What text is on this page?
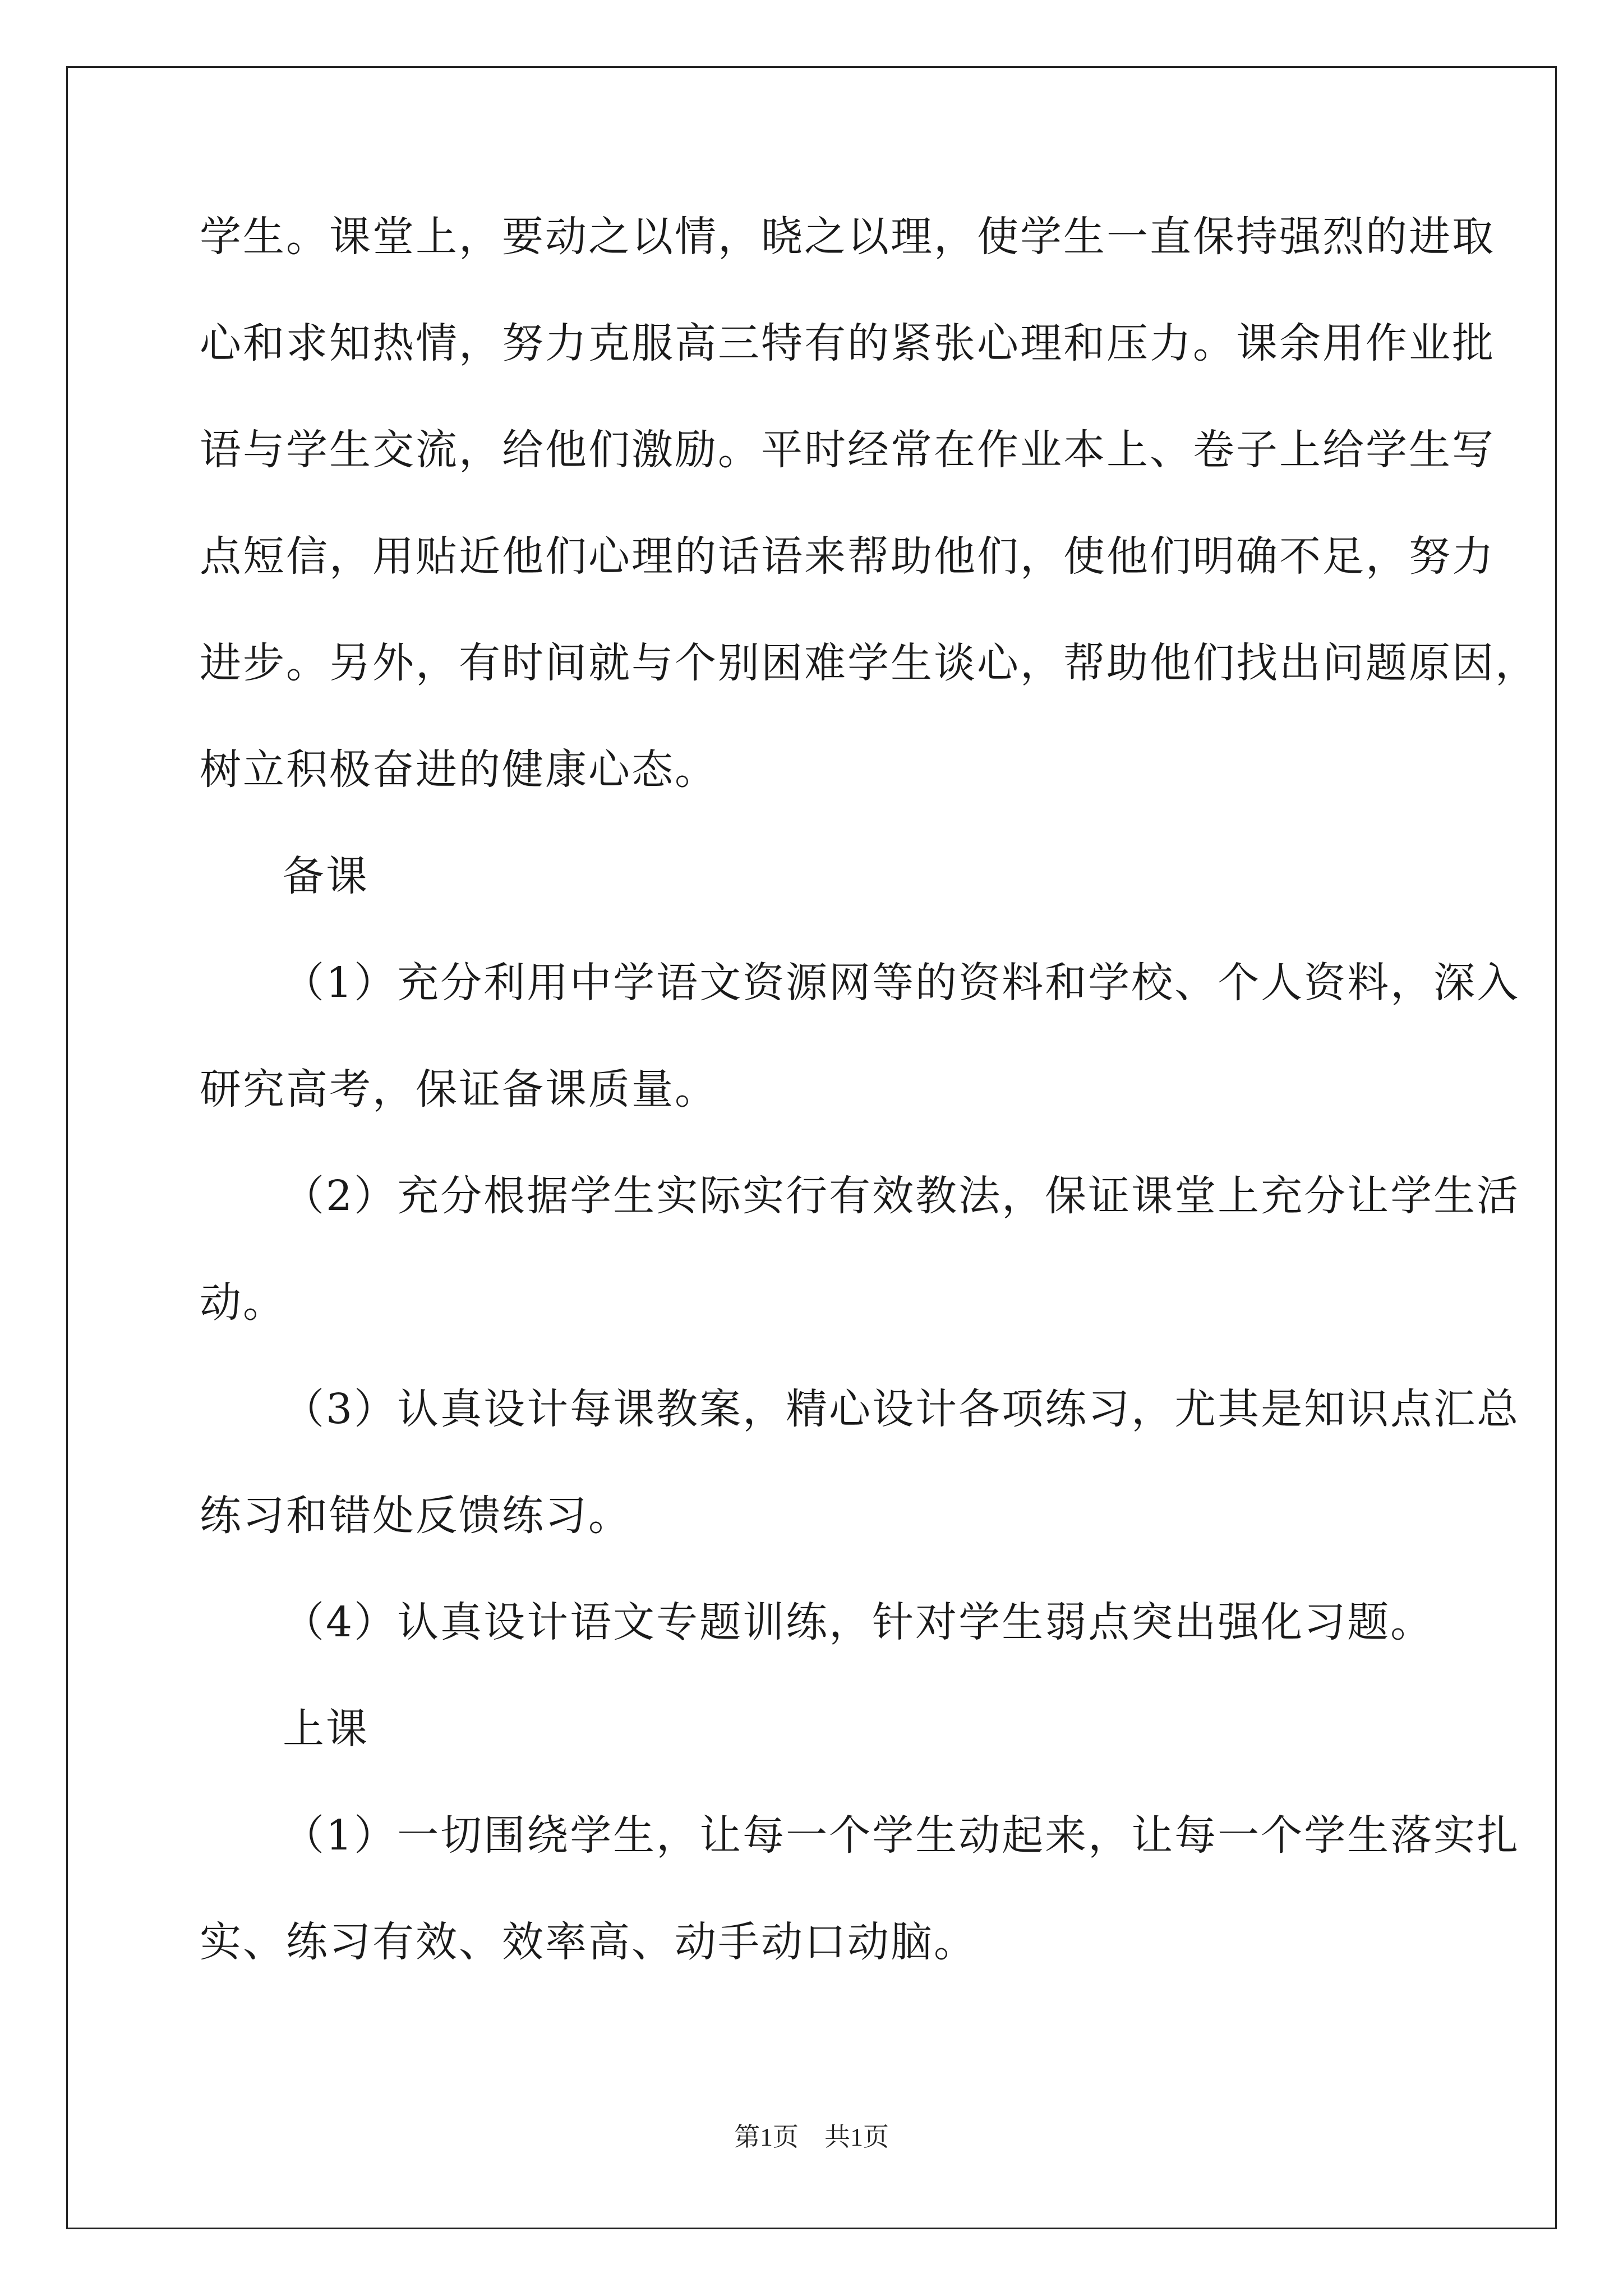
学生。课堂上，要动之以情，晓之以理，使学生一直保持强烈的进取
心和求知热情，努力克服高三特有的紧张心理和压力。课余用作业批
语与学生交流，给他们激励。平时经常在作业本上、卷子上给学生写
点短信，用贴近他们心理的话语来帮助他们，使他们明确不足，努力
进步。另外，有时间就与个别困难学生谈心，帮助他们找出问题原因，
树立积极奋进的健康心态。
备课
（1）充分利用中学语文资源网等的资料和学校、个人资料，深入
研究高考，保证备课质量。
（2）充分根据学生实际实行有效教法，保证课堂上充分让学生活
动。
（3）认真设计每课教案，精心设计各项练习，尤其是知识点汇总
练习和错处反馈练习。
（4）认真设计语文专题训练，针对学生弱点突出强化习题。
上课
（1）一切围绕学生，让每一个学生动起来，让每一个学生落实扎
实、练习有效、效率高、动手动口动脑。
第1页　共1页
